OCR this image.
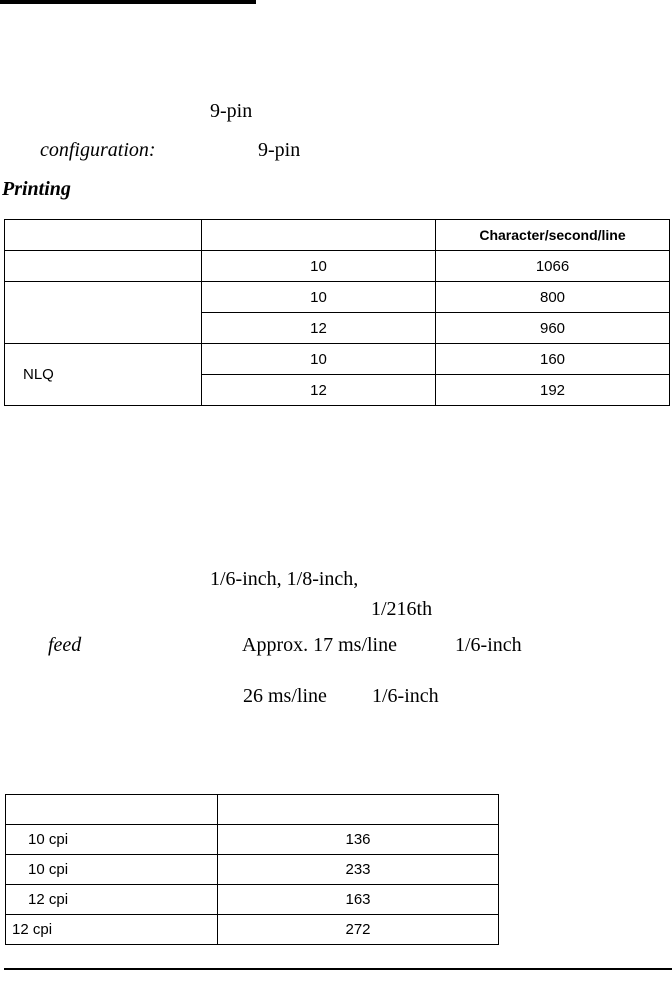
9-pin
configuration:	9-pin
Printing
		Character/second/line
	10	1066
	10	800
	12	960
NLQ	10	160
	12	192
1/6-inch, 1/8-inch,
1/216th
feed	Approx. 17 ms/line	1/6-inch
26 ms/line 1/6-inch

10 cpi	136
10 cpi	233
12 cpi	163
12 cpi	272
